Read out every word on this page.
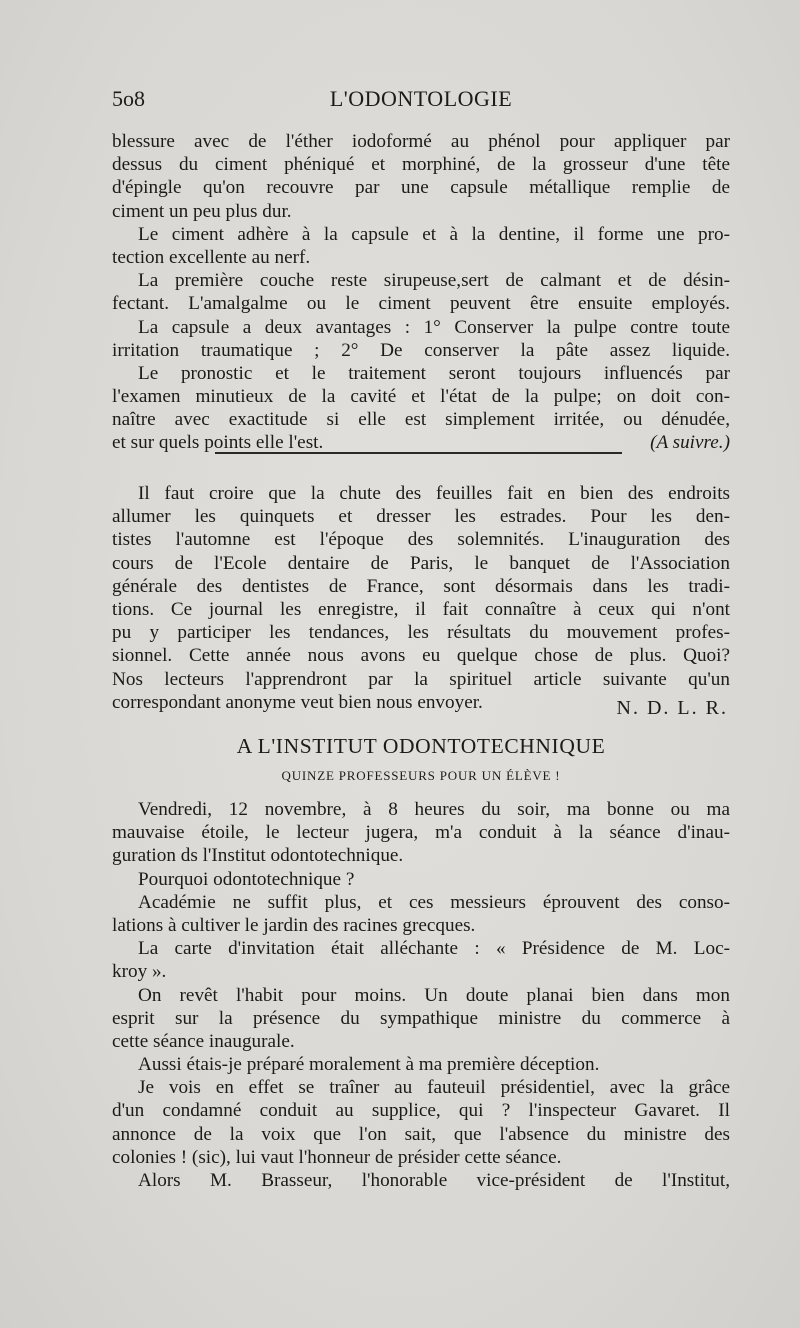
5o8	L'ODONTOLOGIE
blessure avec de l'éther iodoformé au phénol pour appliquer par
dessus du ciment phéniqué et morphiné, de la grosseur d'une tête
d'épingle qu'on recouvre par une capsule métallique remplie de
ciment un peu plus dur.
Le ciment adhère à la capsule et à la dentine, il forme une pro-
tection excellente au nerf.
La première couche reste sirupeuse,sert de calmant et de désin-
fectant. L'amalgalme ou le ciment peuvent être ensuite employés.
La capsule a deux avantages : 1° Conserver la pulpe contre toute
irritation traumatique ; 2° De conserver la pâte assez liquide.
Le pronostic et le traitement seront toujours influencés par
l'examen minutieux de la cavité et l'état de la pulpe; on doit con-
naître avec exactitude si elle est simplement irritée, ou dénudée,
et sur quels points elle l'est.	(A suivre.)
Il faut croire que la chute des feuilles fait en bien des endroits
allumer les quinquets et dresser les estrades. Pour les den-
tistes l'automne est l'époque des solemnités. L'inauguration des
cours de l'Ecole dentaire de Paris, le banquet de l'Association
générale des dentistes de France, sont désormais dans les tradi-
tions. Ce journal les enregistre, il fait connaître à ceux qui n'ont
pu y participer les tendances, les résultats du mouvement profes-
sionnel. Cette année nous avons eu quelque chose de plus. Quoi?
Nos lecteurs l'apprendront par la spirituel article suivante qu'un
correspondant anonyme veut bien nous envoyer.	N. D. L. R.
A L'INSTITUT ODONTOTECHNIQUE
QUINZE PROFESSEURS POUR UN ÉLÈVE !
Vendredi, 12 novembre, à 8 heures du soir, ma bonne ou ma
mauvaise étoile, le lecteur jugera, m'a conduit à la séance d'inau-
guration ds l'Institut odontotechnique.
Pourquoi odontotechnique ?
Académie ne suffit plus, et ces messieurs éprouvent des conso-
lations à cultiver le jardin des racines grecques.
La carte d'invitation était alléchante : « Présidence de M. Loc-
kroy ».
On revêt l'habit pour moins. Un doute planai bien dans mon
esprit sur la présence du sympathique ministre du commerce à
cette séance inaugurale.
Aussi étais-je préparé moralement à ma première déception.
Je vois en effet se traîner au fauteuil présidentiel, avec la grâce
d'un condamné conduit au supplice, qui ? l'inspecteur Gavaret. Il
annonce de la voix que l'on sait, que l'absence du ministre des
colonies ! (sic), lui vaut l'honneur de présider cette séance.
Alors M. Brasseur, l'honorable vice-président de l'Institut,
